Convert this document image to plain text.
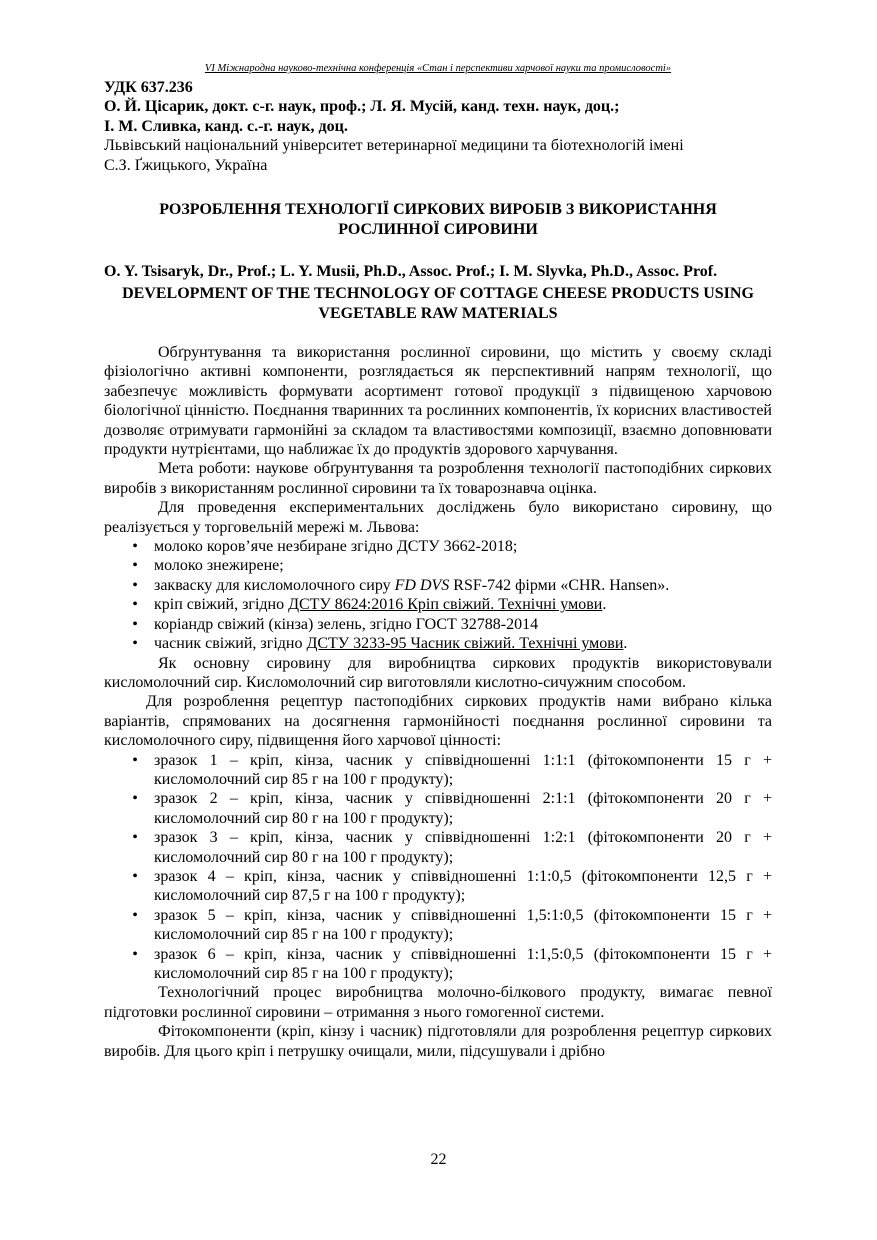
VI Міжнародна науково-технічна конференція «Стан і перспективи харчової науки та промисловості»

УДК 637.236

О. Й. Цісарик, докт. с-г. наук, проф.; Л. Я. Мусій, канд. техн. наук, доц.;

І. М. Сливка, канд. с.-г. наук, доц.

Львівський національний університет ветеринарної медицини та біотехнологій імені

С.З. Ґжицького, Україна

РОЗРОБЛЕННЯ ТЕХНОЛОГІЇ СИРКОВИХ ВИРОБІВ З ВИКОРИСТАННЯ РОСЛИННОЇ СИРОВИНИ

O. Y. Tsisaryk, Dr., Prof.; L. Y. Musii, Ph.D., Assoc. Prof.; I. M. Slyvka, Ph.D., Assoc. Prof.

DEVELOPMENT OF THE TECHNOLOGY OF COTTAGE CHEESE PRODUCTS USING VEGETABLE RAW MATERIALS

Обґрунтування та використання рослинної сировини, що містить у своєму складі фізіологічно активні компоненти, розглядається як перспективний напрям технології, що забезпечує можливість формувати асортимент готової продукції з підвищеною харчовою біологічної цінністю. Поєднання тваринних та рослинних компонентів, їх корисних властивостей дозволяє отримувати гармонійні за складом та властивостями композиції, взаємно доповнювати продукти нутрієнтами, що наближає їх до продуктів здорового харчування.

Мета роботи: наукове обґрунтування та розроблення технології пастоподібних сиркових виробів з використанням рослинної сировини та їх товарознавча оцінка.

Для проведення експериментальних досліджень було використано сировину, що реалізується у торговельній мережі м. Львова:

• молоко коров’яче незбиране згідно ДСТУ 3662-2018;
• молоко знежирене;
• закваску для кисломолочного сиру FD DVS RSF-742 фірми «CHR. Hansen».
• кріп свіжий, згідно ДСТУ 8624:2016 Кріп свіжий. Технічні умови.
• коріандр свіжий (кінза) зелень, згідно ГОСТ 32788-2014
• часник свіжий, згідно ДСТУ 3233-95 Часник свіжий. Технічні умови.

Як основну сировину для виробництва сиркових продуктів використовували кисломолочний сир. Кисломолочний сир виготовляли кислотно-сичужним способом.

Для розроблення рецептур пастоподібних сиркових продуктів нами вибрано кілька варіантів, спрямованих на досягнення гармонійності поєднання рослинної сировини та кисломолочного сиру, підвищення його харчової цінності:

• зразок 1 – кріп, кінза, часник у співвідношенні 1:1:1 (фітокомпоненти 15 г + кисломолочний сир 85 г на 100 г продукту);
• зразок 2 – кріп, кінза, часник у співвідношенні 2:1:1 (фітокомпоненти 20 г + кисломолочний сир 80 г на 100 г продукту);
• зразок 3 – кріп, кінза, часник у співвідношенні 1:2:1 (фітокомпоненти 20 г + кисломолочний сир 80 г на 100 г продукту);
• зразок 4 – кріп, кінза, часник у співвідношенні 1:1:0,5 (фітокомпоненти 12,5 г + кисломолочний сир 87,5 г на 100 г продукту);
• зразок 5 – кріп, кінза, часник у співвідношенні 1,5:1:0,5 (фітокомпоненти 15 г + кисломолочний сир 85 г на 100 г продукту);
• зразок 6 – кріп, кінза, часник у співвідношенні 1:1,5:0,5 (фітокомпоненти 15 г + кисломолочний сир 85 г на 100 г продукту);

Технологічний процес виробництва молочно-білкового продукту, вимагає певної підготовки рослинної сировини – отримання з нього гомогенної системи.

Фітокомпоненти (кріп, кінзу і часник) підготовляли для розроблення рецептур сиркових виробів. Для цього кріп і петрушку очищали, мили, підсушували і дрібно

22
